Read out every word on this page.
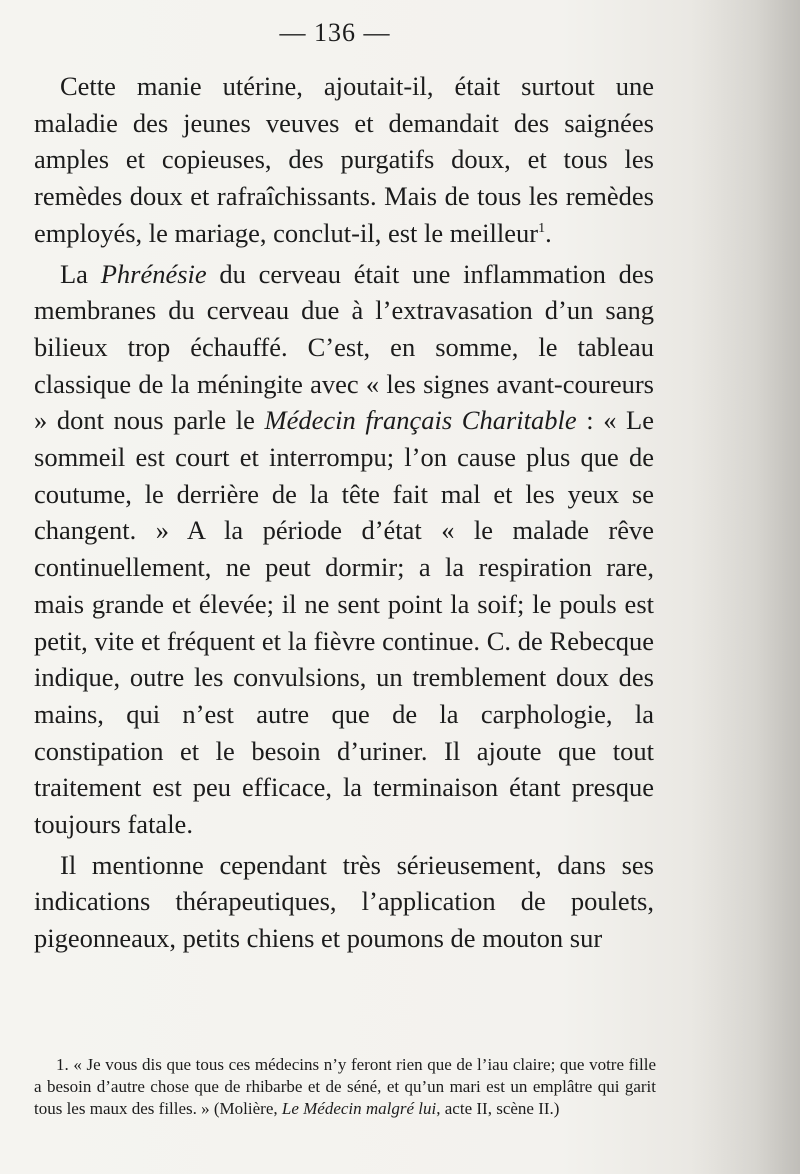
— 136 —

Cette manie utérine, ajoutait-il, était surtout une maladie des jeunes veuves et demandait des saignées amples et copieuses, des purgatifs doux, et tous les remèdes doux et rafraîchissants. Mais de tous les remèdes employés, le mariage, conclut-il, est le meilleur$^1$.

La Phrénésie du cerveau était une inflammation des membranes du cerveau due à l’extravasation d’un sang bilieux trop échauffé. C’est, en somme, le tableau classique de la méningite avec « les signes avant-coureurs » dont nous parle le Médecin français Charitable : « Le sommeil est court et interrompu; l’on cause plus que de coutume, le derrière de la tête fait mal et les yeux se changent. » A la période d’état « le malade rêve continuellement, ne peut dormir; a la respiration rare, mais grande et élevée; il ne sent point la soif; le pouls est petit, vite et fréquent et la fièvre continue. C. de Rebecque indique, outre les convulsions, un tremblement doux des mains, qui n’est autre que de la carphologie, la constipation et le besoin d’uriner. Il ajoute que tout traitement est peu efficace, la terminaison étant presque toujours fatale.

Il mentionne cependant très sérieusement, dans ses indications thérapeutiques, l’application de poulets, pigeonneaux, petits chiens et poumons de mouton sur

1. « Je vous dis que tous ces médecins n’y feront rien que de l’iau claire; que votre fille a besoin d’autre chose que de rhibarbe et de séné, et qu’un mari est un emplâtre qui garit tous les maux des filles. » (Molière, Le Médecin malgré lui, acte II, scène II.)
